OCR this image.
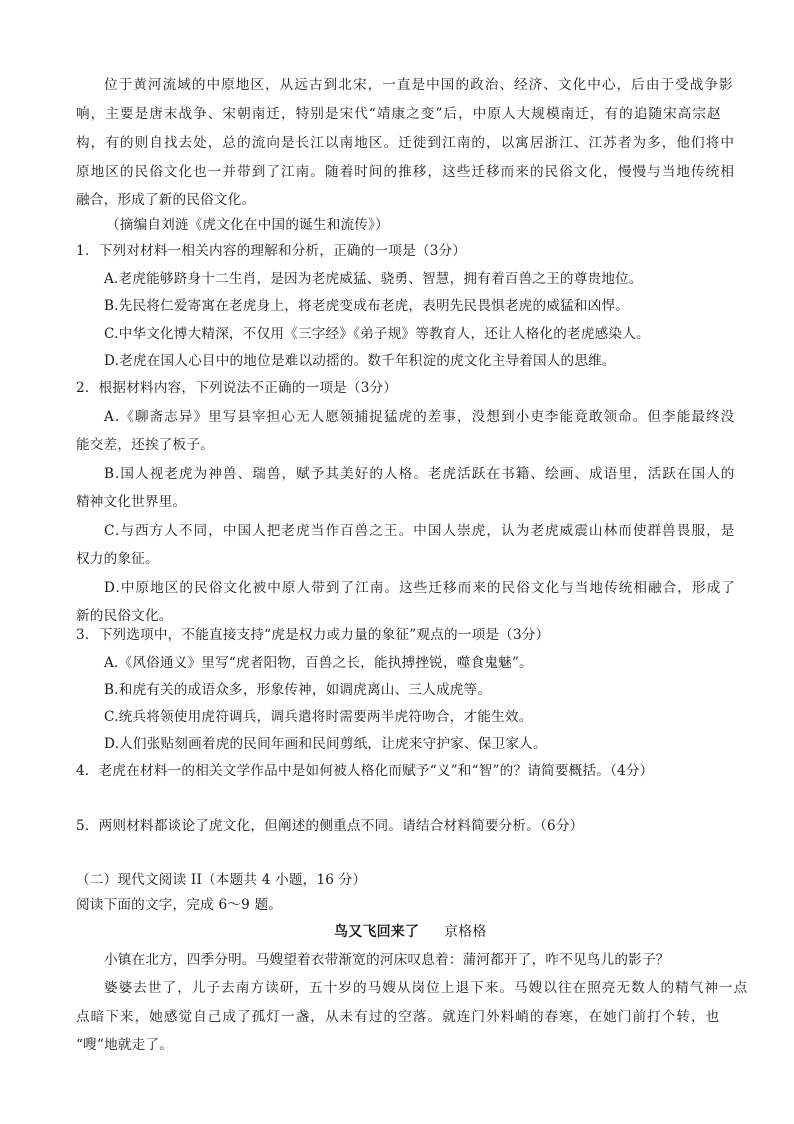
位于黄河流域的中原地区，从远古到北宋，一直是中国的政治、经济、文化中心，后由于受战争影
响，主要是唐末战争、宋朝南迁，特别是宋代“靖康之变”后，中原人大规模南迁，有的追随宋高宗赵
构，有的则自找去处，总的流向是长江以南地区。迁徙到江南的，以寓居浙江、江苏者为多，他们将中
原地区的民俗文化也一并带到了江南。随着时间的推移，这些迁移而来的民俗文化，慢慢与当地传统相
融合，形成了新的民俗文化。
（摘编自刘涟《虎文化在中国的诞生和流传》）
1．下列对材料一相关内容的理解和分析，正确的一项是（3分）
A.老虎能够跻身十二生肖，是因为老虎威猛、骁勇、智慧，拥有着百兽之王的尊贵地位。
B.先民将仁爱寄寓在老虎身上，将老虎变成布老虎，表明先民畏惧老虎的威猛和凶悍。
C.中华文化博大精深，不仅用《三字经》《弟子规》等教育人，还让人格化的老虎感染人。
D.老虎在国人心目中的地位是难以动摇的。数千年积淀的虎文化主导着国人的思维。
2．根据材料内容，下列说法不正确的一项是（3分）
A.《聊斋志异》里写县宰担心无人愿领捕捉猛虎的差事，没想到小吏李能竟敢领命。但李能最终没
能交差，还挨了板子。
B.国人视老虎为神兽、瑞兽，赋予其美好的人格。老虎活跃在书籍、绘画、成语里，活跃在国人的
精神文化世界里。
C.与西方人不同，中国人把老虎当作百兽之王。中国人崇虎，认为老虎威震山林而使群兽畏服，是
权力的象征。
D.中原地区的民俗文化被中原人带到了江南。这些迁移而来的民俗文化与当地传统相融合，形成了
新的民俗文化。
3．下列选项中，不能直接支持“虎是权力或力量的象征”观点的一项是（3分）
A.《风俗通义》里写“虎者阳物，百兽之长，能执搏挫锐，噬食鬼魅”。
B.和虎有关的成语众多，形象传神，如调虎离山、三人成虎等。
C.统兵将领使用虎符调兵，调兵遣将时需要两半虎符吻合，才能生效。
D.人们张贴刻画着虎的民间年画和民间剪纸，让虎来守护家、保卫家人。
4．老虎在材料一的相关文学作品中是如何被人格化而赋予“义”和“智”的？请简要概括。（4分）
5．两则材料都谈论了虎文化，但阐述的侧重点不同。请结合材料简要分析。（6分）
（二）现代文阅读 II（本题共 4 小题，16 分）
阅读下面的文字，完成 6～9 题。
鸟又飞回来了 京格格
小镇在北方，四季分明。马嫂望着衣带渐宽的河床叹息着：蒲河都开了，咋不见鸟儿的影子？
婆婆去世了，儿子去南方读研，五十岁的马嫂从岗位上退下来。马嫂以往在照亮无数人的精气神一点
点暗下来，她感觉自己成了孤灯一盏，从未有过的空落。就连门外料峭的春寒，在她门前打个转，也
“嗖”地就走了。
